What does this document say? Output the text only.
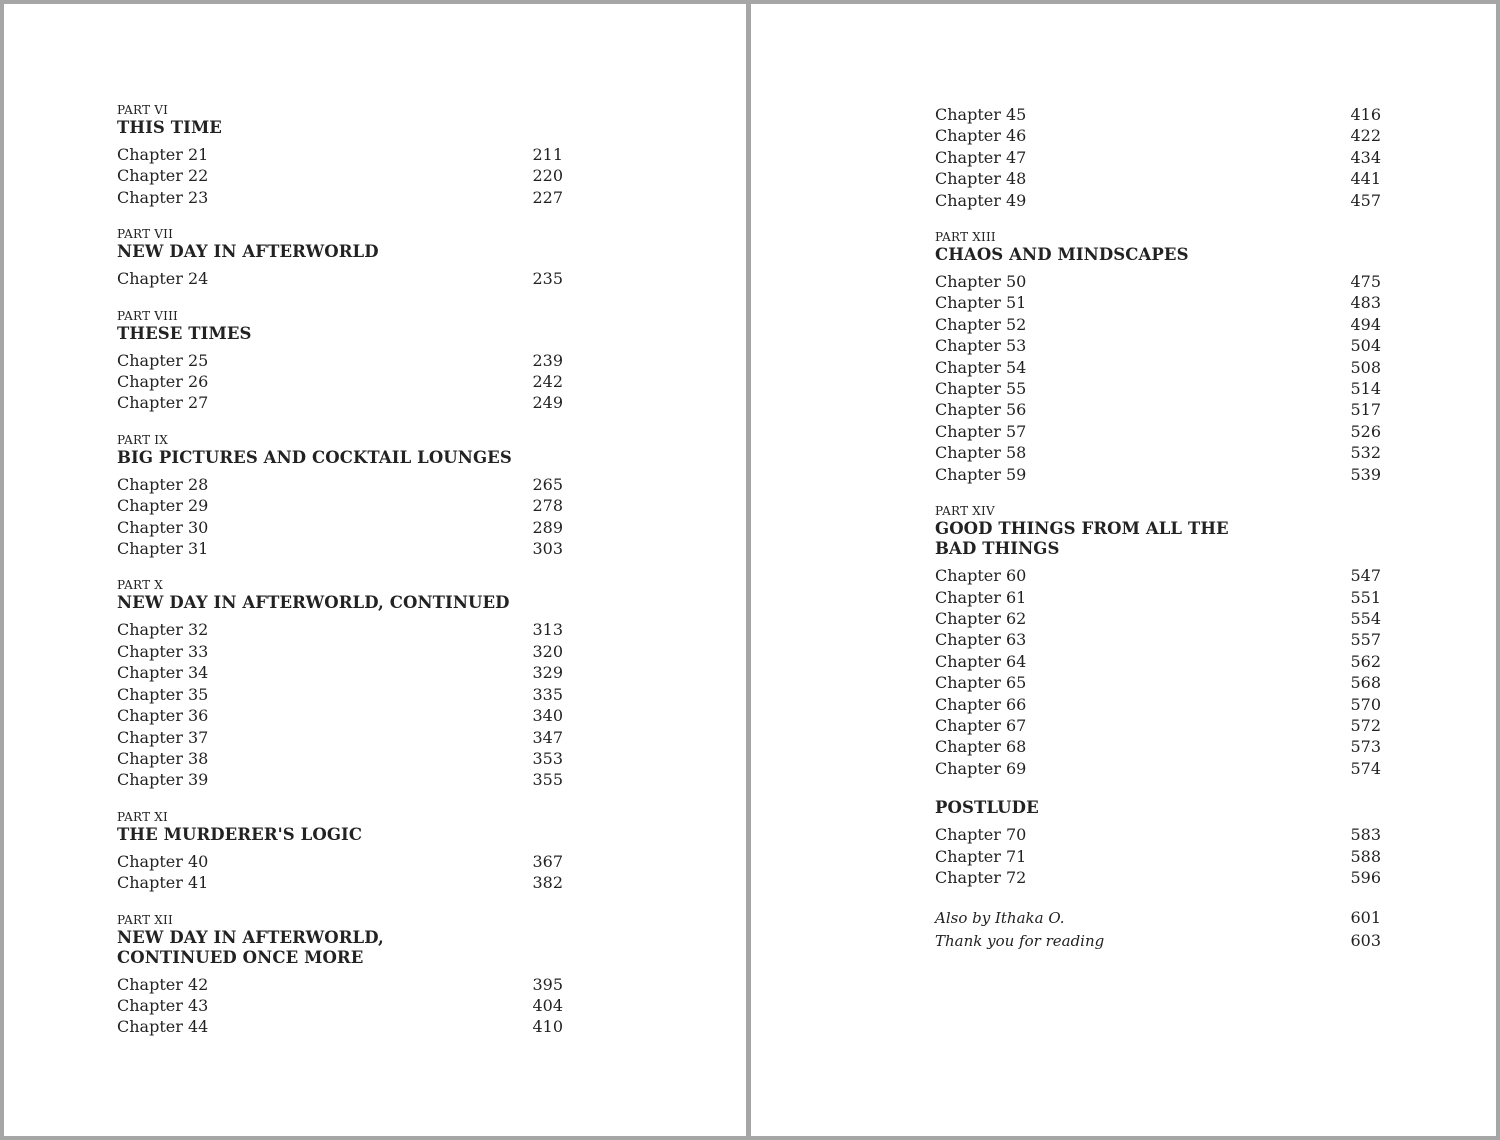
PART VI
THIS TIME
Chapter 21	211
Chapter 22	220
Chapter 23	227
PART VII
NEW DAY IN AFTERWORLD
Chapter 24	235
PART VIII
THESE TIMES
Chapter 25	239
Chapter 26	242
Chapter 27	249
PART IX
BIG PICTURES AND COCKTAIL LOUNGES
Chapter 28	265
Chapter 29	278
Chapter 30	289
Chapter 31	303
PART X
NEW DAY IN AFTERWORLD, CONTINUED
Chapter 32	313
Chapter 33	320
Chapter 34	329
Chapter 35	335
Chapter 36	340
Chapter 37	347
Chapter 38	353
Chapter 39	355
PART XI
THE MURDERER'S LOGIC
Chapter 40	367
Chapter 41	382
PART XII
NEW DAY IN AFTERWORLD, CONTINUED ONCE MORE
Chapter 42	395
Chapter 43	404
Chapter 44	410
Chapter 45	416
Chapter 46	422
Chapter 47	434
Chapter 48	441
Chapter 49	457
PART XIII
CHAOS AND MINDSCAPES
Chapter 50	475
Chapter 51	483
Chapter 52	494
Chapter 53	504
Chapter 54	508
Chapter 55	514
Chapter 56	517
Chapter 57	526
Chapter 58	532
Chapter 59	539
PART XIV
GOOD THINGS FROM ALL THE BAD THINGS
Chapter 60	547
Chapter 61	551
Chapter 62	554
Chapter 63	557
Chapter 64	562
Chapter 65	568
Chapter 66	570
Chapter 67	572
Chapter 68	573
Chapter 69	574
POSTLUDE
Chapter 70	583
Chapter 71	588
Chapter 72	596
Also by Ithaka O.	601
Thank you for reading	603
